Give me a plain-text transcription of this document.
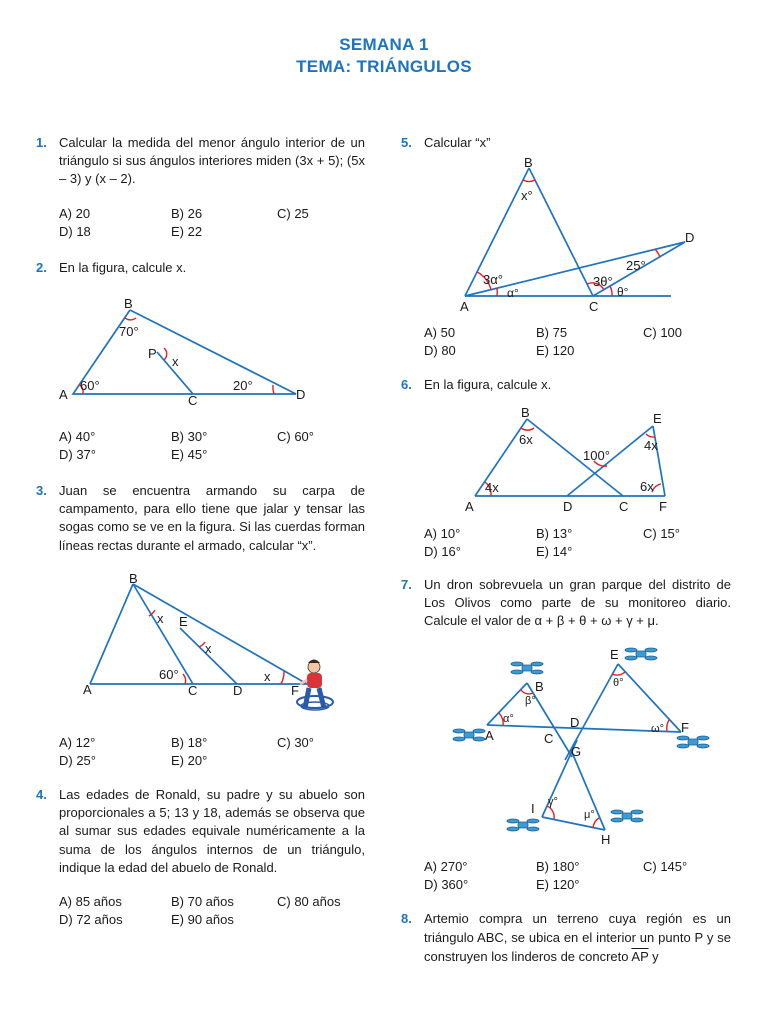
SEMANA 1
TEMA: TRIÁNGULOS
1. Calcular la medida del menor ángulo interior de un triángulo si sus ángulos interiores miden (3x + 5); (5x – 3) y (x – 2).
A) 20	B) 26	C) 25
D) 18	E) 22
2. En la figura, calcule x.
B
A	C	D
P
x
70°
60°	20°
A) 40°	B) 30°	C) 60°
D) 37°	E) 45°
3. Juan se encuentra armando su carpa de campamento, para ello tiene que jalar y tensar las sogas como se ve en la figura. Si las cuerdas forman líneas rectas durante el armado, calcular “x”.
B
A	C	D
E
F
x
x
x
60°
A) 12°	B) 18°	C) 30°
D) 25°	E) 20°
4. Las edades de Ronald, su padre y su abuelo son proporcionales a 5; 13 y 18, además se observa que al sumar sus edades equivale numéricamente a la suma de los ángulos internos de un triángulo, indique la edad del abuelo de Ronald.
A) 85 años	B) 70 años	C) 80 años
D) 72 años	E) 90 años
5. Calcular “x”
B
A	C
D
x°
3α°
α°
3θ°
θ°
25°
A) 50	B) 75	C) 100
D) 80	E) 120
6. En la figura, calcule x.
B
A	D	C
E
F
6x
4x
4x
6x
100°
A) 10°	B) 13°	C) 15°
D) 16°	E) 14°
7. Un dron sobrevuela un gran parque del distrito de Los Olivos como parte de su monitoreo diario. Calcule el valor de α + β + θ + ω + γ + μ.
B
A	C
D
E
F
G
H
I
α°
β°
θ°
ω°
γ°
μ°
A) 270°	B) 180°	C) 145°
D) 360°	E) 120°
8. Artemio compra un terreno cuya región es un triángulo ABC, se ubica en el interior un punto P y se construyen los linderos de concreto $\overline{AP}$ y
